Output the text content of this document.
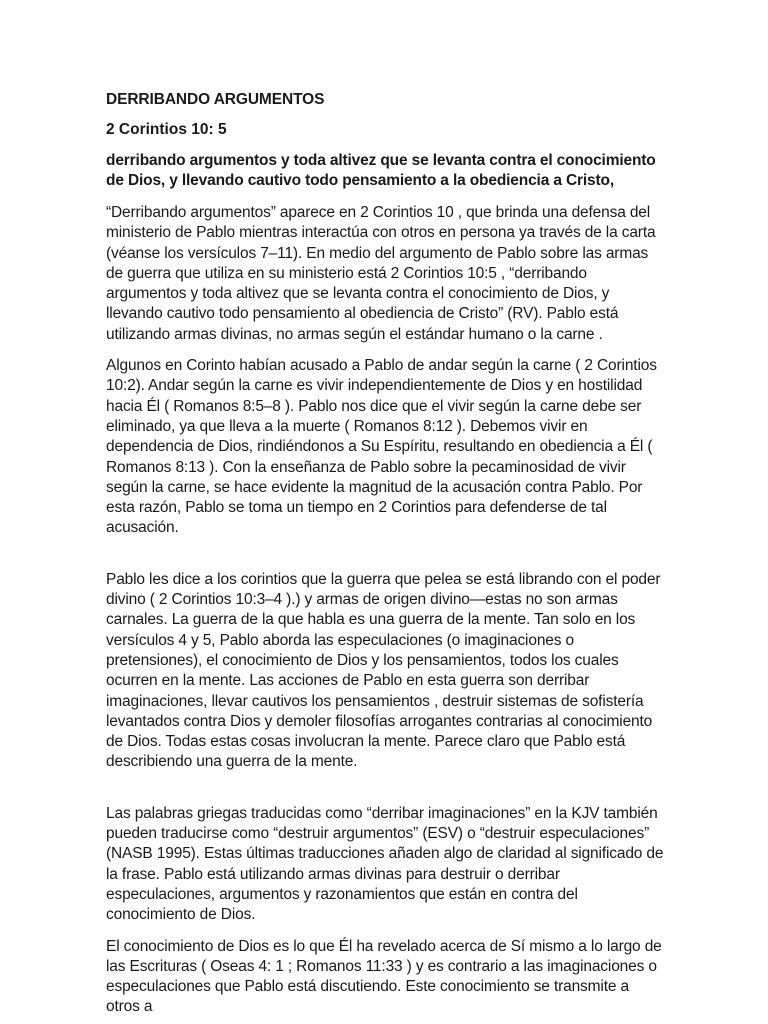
DERRIBANDO ARGUMENTOS

2 Corintios 10: 5

derribando argumentos y toda altivez que se levanta contra el conocimiento de Dios, y llevando cautivo todo pensamiento a la obediencia a Cristo,

“Derribando argumentos” aparece en 2 Corintios 10 , que brinda una defensa del ministerio de Pablo mientras interactúa con otros en persona ya través de la carta (véanse los versículos 7–11). En medio del argumento de Pablo sobre las armas de guerra que utiliza en su ministerio está 2 Corintios 10:5 , “derribando argumentos y toda altivez que se levanta contra el conocimiento de Dios, y llevando cautivo todo pensamiento al obediencia de Cristo” (RV). Pablo está utilizando armas divinas, no armas según el estándar humano o la carne .

Algunos en Corinto habían acusado a Pablo de andar según la carne ( 2 Corintios 10:2). Andar según la carne es vivir independientemente de Dios y en hostilidad hacia Él ( Romanos 8:5–8 ). Pablo nos dice que el vivir según la carne debe ser eliminado, ya que lleva a la muerte ( Romanos 8:12 ). Debemos vivir en dependencia de Dios, rindiéndonos a Su Espíritu, resultando en obediencia a Él ( Romanos 8:13 ). Con la enseñanza de Pablo sobre la pecaminosidad de vivir según la carne, se hace evidente la magnitud de la acusación contra Pablo. Por esta razón, Pablo se toma un tiempo en 2 Corintios para defenderse de tal acusación.

Pablo les dice a los corintios que la guerra que pelea se está librando con el poder divino ( 2 Corintios 10:3–4 ).) y armas de origen divino—estas no son armas carnales. La guerra de la que habla es una guerra de la mente. Tan solo en los versículos 4 y 5, Pablo aborda las especulaciones (o imaginaciones o pretensiones), el conocimiento de Dios y los pensamientos, todos los cuales ocurren en la mente. Las acciones de Pablo en esta guerra son derribar imaginaciones, llevar cautivos los pensamientos , destruir sistemas de sofistería levantados contra Dios y demoler filosofías arrogantes contrarias al conocimiento de Dios. Todas estas cosas involucran la mente. Parece claro que Pablo está describiendo una guerra de la mente.

Las palabras griegas traducidas como “derribar imaginaciones” en la KJV también pueden traducirse como “destruir argumentos” (ESV) o “destruir especulaciones” (NASB 1995). Estas últimas traducciones añaden algo de claridad al significado de la frase. Pablo está utilizando armas divinas para destruir o derribar especulaciones, argumentos y razonamientos que están en contra del conocimiento de Dios.

El conocimiento de Dios es lo que Él ha revelado acerca de Sí mismo a lo largo de las Escrituras ( Oseas 4: 1 ; Romanos 11:33 ) y es contrario a las imaginaciones o especulaciones que Pablo está discutiendo. Este conocimiento se transmite a otros a
